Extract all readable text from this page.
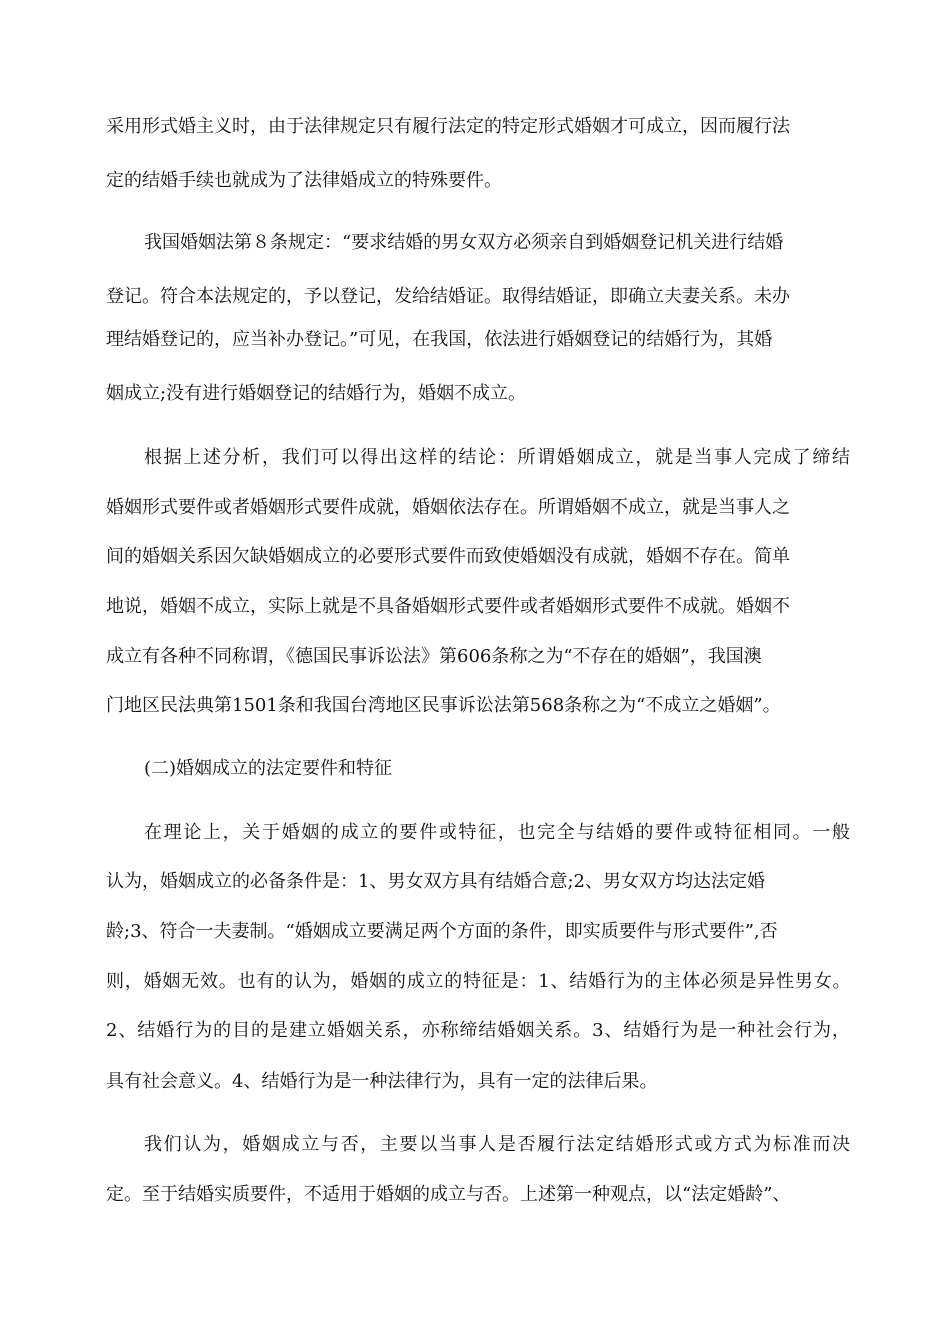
采用形式婚主义时，由于法律规定只有履行法定的特定形式婚姻才可成立，因而履行法
定的结婚手续也就成为了法律婚成立的特殊要件。
我国婚姻法第８条规定：“要求结婚的男女双方必须亲自到婚姻登记机关进行结婚
登记。符合本法规定的，予以登记，发给结婚证。取得结婚证，即确立夫妻关系。未办
理结婚登记的，应当补办登记。”可见，在我国，依法进行婚姻登记的结婚行为，其婚
姻成立;没有进行婚姻登记的结婚行为，婚姻不成立。
根据上述分析，我们可以得出这样的结论：所谓婚姻成立，就是当事人完成了缔结
婚姻形式要件或者婚姻形式要件成就，婚姻依法存在。所谓婚姻不成立，就是当事人之
间的婚姻关系因欠缺婚姻成立的必要形式要件而致使婚姻没有成就，婚姻不存在。简单
地说，婚姻不成立，实际上就是不具备婚姻形式要件或者婚姻形式要件不成就。婚姻不
成立有各种不同称谓，《德国民事诉讼法》第606条称之为“不存在的婚姻”，我国澳
门地区民法典第1501条和我国台湾地区民事诉讼法第568条称之为“不成立之婚姻”。
(二)婚姻成立的法定要件和特征
在理论上，关于婚姻的成立的要件或特征，也完全与结婚的要件或特征相同。一般
认为，婚姻成立的必备条件是：1、男女双方具有结婚合意;2、男女双方均达法定婚
龄;3、符合一夫妻制。“婚姻成立要满足两个方面的条件，即实质要件与形式要件”,否
则，婚姻无效。也有的认为，婚姻的成立的特征是：1、结婚行为的主体必须是异性男女。
2、结婚行为的目的是建立婚姻关系，亦称缔结婚姻关系。3、结婚行为是一种社会行为，
具有社会意义。4、结婚行为是一种法律行为，具有一定的法律后果。
我们认为，婚姻成立与否，主要以当事人是否履行法定结婚形式或方式为标准而决
定。至于结婚实质要件，不适用于婚姻的成立与否。上述第一种观点，以“法定婚龄”、
